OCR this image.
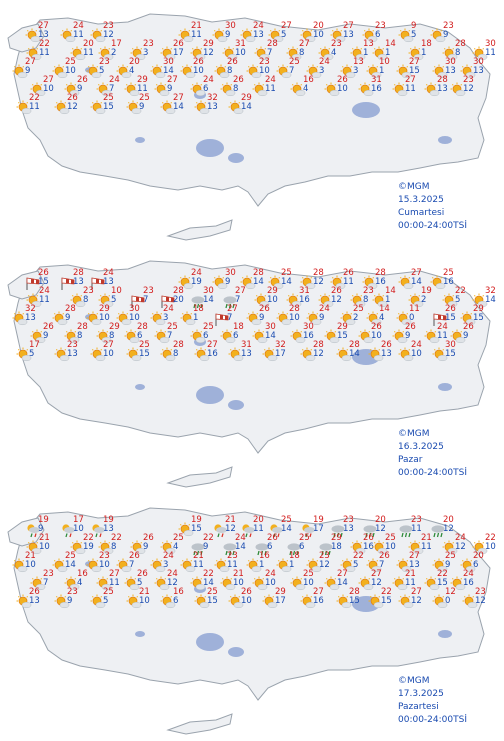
27
13
24
11
23
12
21
11
30
9
24
13
27
5
20
10
27
13
23
6
9
5
23
9
22
11
20
11
17
2
23
3
26
17
29
12
31
10
28
7
27
8
23
4
13
1
14
1
18
1
28
8
30
11
27
9
25
10
23
5
20
4
30
14
26
10
26
8
23
10
25
7
24
3
13
3
10
1
27
15
30
13
30
13
27
10
26
9
24
7
29
11
27
9
24
6
26
8
24
11
16
4
26
10
31
16
27
11
28
13
23
12
22
11
26
12
25
15
25
9
27
14
32
13
29
14
26
15
28
13
24
13
24
19
30
9
28
14
25
14
28
12
26
11
28
16
27
14
25
16
24
11
23
8
10
5
23
7
28
20
30
14
27
7
29
10
31
16
26
12
23
8
14
1
19
2
22
5
32
14
32
13
28
9
29
10
30
10
24
3
18
1
27
7
26
9
28
10
24
9
25
2
14
4
11
0
26
15
29
15
26
9
28
8
29
8
28
6
25
7
25
6
18
6
30
14
30
16
29
15
26
10
26
9
24
11
26
9
17
5
23
13
27
10
25
15
28
8
27
16
31
13
32
17
28
12
28
14
26
13
24
10
30
15
19
9
17
10
19
13
19
15
21
12
20
11
25
14
19
17
23
13
20
12
23
11
20
12
21
10
22
19
22
8
26
9
25
4
22
9
24
14
26
6
25
6
29
18
26
16
25
10
21
11
24
12
22
10
21
10
25
14
23
10
26
7
24
3
21
11
23
11
16
1
18
1
23
12
22
5
26
7
27
13
25
9
20
6
23
7
16
4
27
11
26
5
24
12
22
14
21
10
24
10
25
10
27
14
27
12
21
11
22
15
24
16
26
13
23
9
25
5
21
10
16
6
25
15
26
10
29
17
27
16
28
15
22
15
27
12
12
0
23
12
©MGM
15.3.2025
Cumartesi
00:00-24:00TSİ
©MGM
16.3.2025
Pazar
00:00-24:00TSİ
©MGM
17.3.2025
Pazartesi
00:00-24:00TSİ
